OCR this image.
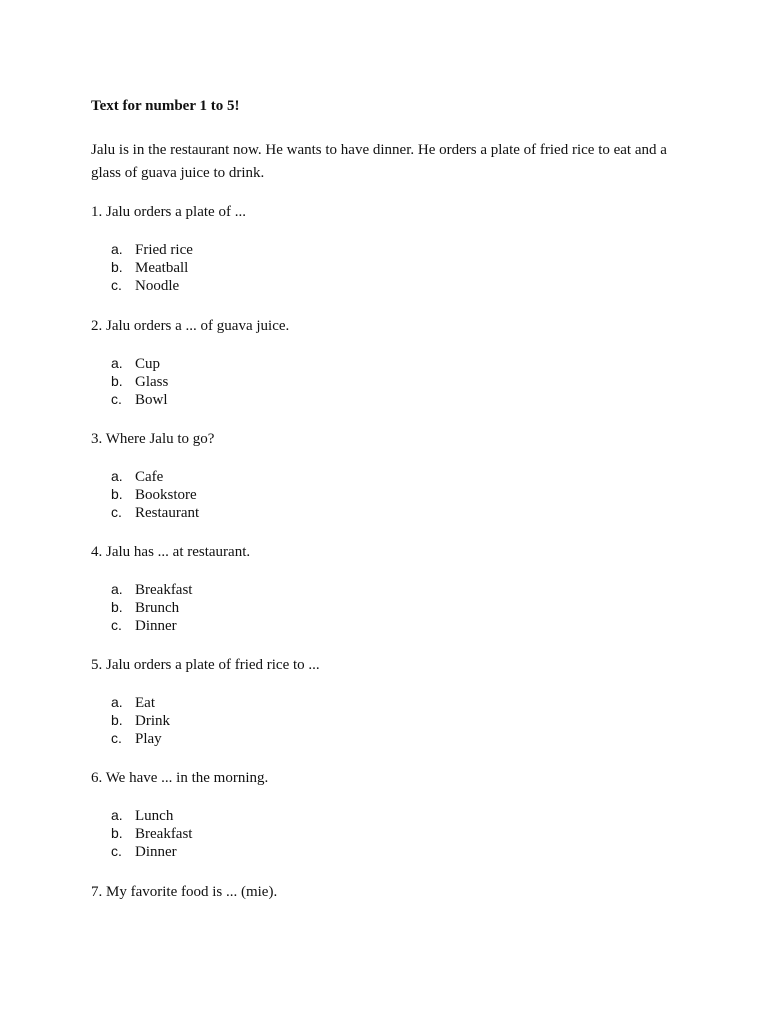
Text for number 1 to 5!
Jalu is in the restaurant now. He wants to have dinner. He orders a plate of fried rice to eat and a glass of guava juice to drink.
1. Jalu orders a plate of ...
a. Fried rice
b. Meatball
c. Noodle
2. Jalu orders a ... of guava juice.
a. Cup
b. Glass
c. Bowl
3. Where Jalu to go?
a. Cafe
b. Bookstore
c. Restaurant
4. Jalu has ... at restaurant.
a. Breakfast
b. Brunch
c. Dinner
5. Jalu orders a plate of fried rice to ...
a. Eat
b. Drink
c. Play
6. We have ... in the morning.
a. Lunch
b. Breakfast
c. Dinner
7. My favorite food is ... (mie).
